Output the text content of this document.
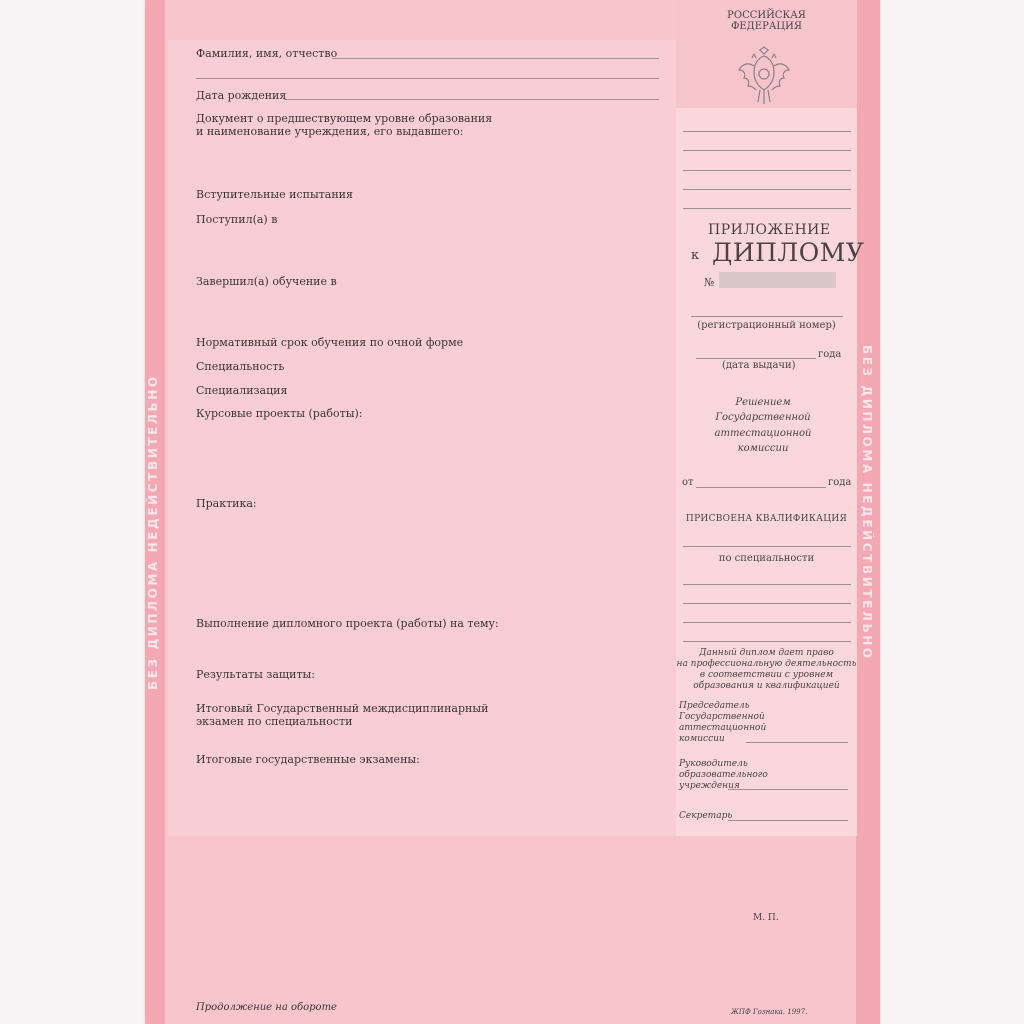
БЕЗ ДИПЛОМА НЕДЕЙСТВИТЕЛЬНО	БЕЗ ДИПЛОМА НЕДЕЙСТВИТЕЛЬНО
Фамилия, имя, отчество
Дата рождения
Документ о предшествующем уровне образования
и наименование учреждения, его выдавшего:
Вступительные испытания
Поступил(а) в
Завершил(а) обучение в
Нормативный срок обучения по очной форме
Специальность
Специализация
Курсовые проекты (работы):
Практика:
Выполнение дипломного проекта (работы) на тему:
Результаты защиты:
Итоговый Государственный междисциплинарный
экзамен по специальности
Итоговые государственные экзамены:
Продолжение на обороте
РОССИЙСКАЯ
ФЕДЕРАЦИЯ
ПРИЛОЖЕНИЕ
к ДИПЛОМУ
№
(регистрационный номер)
года
(дата выдачи)
Решением
Государственной
аттестационной
комиссии
от	года
ПРИСВОЕНА КВАЛИФИКАЦИЯ
по специальности
Данный диплом дает право
на профессиональную деятельность
в соответствии с уровнем
образования и квалификацией
Председатель
Государственной
аттестационной
комиссии
Руководитель
образовательного
учреждения
Секретарь
М. П.
ЖПФ Гознака. 1997.
